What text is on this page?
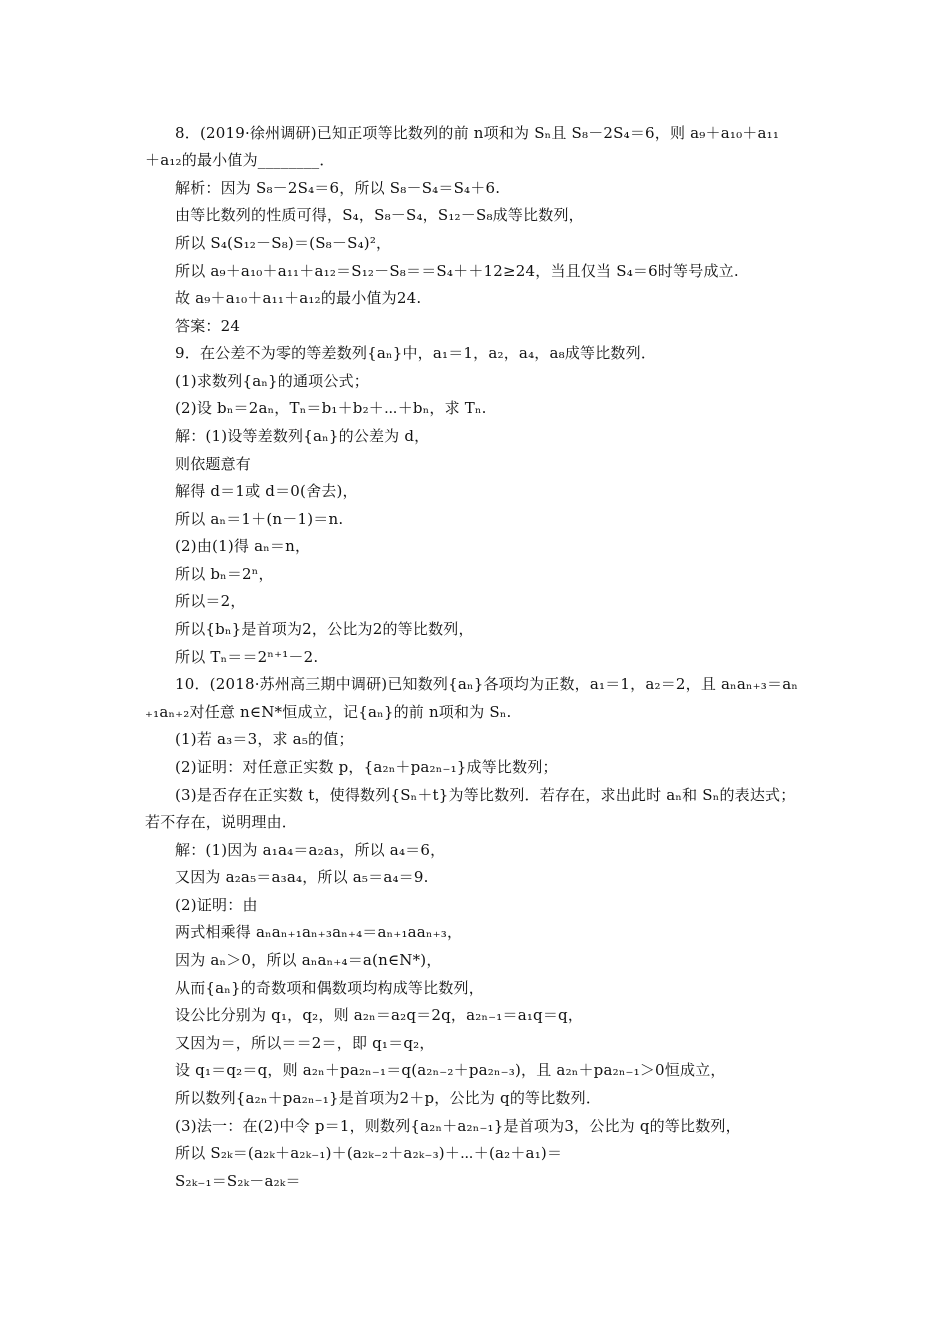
8．(2019·徐州调研)已知正项等比数列的前 n项和为 Sₙ且 S₈－2S₄＝6，则 a₉＋a₁₀＋a₁₁
＋a₁₂的最小值为________．
解析：因为 S₈－2S₄＝6，所以 S₈－S₄＝S₄＋6.
由等比数列的性质可得，S₄，S₈－S₄，S₁₂－S₈成等比数列，
所以 S₄(S₁₂－S₈)＝(S₈－S₄)²，
所以 a₉＋a₁₀＋a₁₁＋a₁₂＝S₁₂－S₈＝＝S₄＋＋12≥24，当且仅当 S₄＝6时等号成立.
故 a₉＋a₁₀＋a₁₁＋a₁₂的最小值为24.
答案：24
9．在公差不为零的等差数列{aₙ}中，a₁＝1，a₂，a₄，a₈成等比数列．
(1)求数列{aₙ}的通项公式；
(2)设 bₙ＝2aₙ，Tₙ＝b₁＋b₂＋⋯＋bₙ，求 Tₙ.
解：(1)设等差数列{aₙ}的公差为 d，
则依题意有
解得 d＝1或 d＝0(舍去)，
所以 aₙ＝1＋(n－1)＝n.
(2)由(1)得 aₙ＝n，
所以 bₙ＝2ⁿ，
所以＝2，
所以{bₙ}是首项为2，公比为2的等比数列，
所以 Tₙ＝＝2ⁿ⁺¹－2.
10．(2018·苏州高三期中调研)已知数列{aₙ}各项均为正数，a₁＝1，a₂＝2，且 aₙaₙ₊₃＝aₙ
₊₁aₙ₊₂对任意 n∈N*恒成立，记{aₙ}的前 n项和为 Sₙ.
(1)若 a₃＝3，求 a₅的值；
(2)证明：对任意正实数 p，{a₂ₙ＋pa₂ₙ₋₁}成等比数列；
(3)是否存在正实数 t，使得数列{Sₙ＋t}为等比数列．若存在，求出此时 aₙ和 Sₙ的表达式；
若不存在，说明理由．
解：(1)因为 a₁a₄＝a₂a₃，所以 a₄＝6，
又因为 a₂a₅＝a₃a₄，所以 a₅＝a₄＝9.
(2)证明：由
两式相乘得 aₙaₙ₊₁aₙ₊₃aₙ₊₄＝aₙ₊₁aaₙ₊₃，
因为 aₙ＞0，所以 aₙaₙ₊₄＝a(n∈N*)，
从而{aₙ}的奇数项和偶数项均构成等比数列，
设公比分别为 q₁，q₂，则 a₂ₙ＝a₂q＝2q，a₂ₙ₋₁＝a₁q＝q，
又因为＝，所以＝＝2＝，即 q₁＝q₂，
设 q₁＝q₂＝q，则 a₂ₙ＋pa₂ₙ₋₁＝q(a₂ₙ₋₂＋pa₂ₙ₋₃)，且 a₂ₙ＋pa₂ₙ₋₁＞0恒成立，
所以数列{a₂ₙ＋pa₂ₙ₋₁}是首项为2＋p，公比为 q的等比数列．
(3)法一：在(2)中令 p＝1，则数列{a₂ₙ＋a₂ₙ₋₁}是首项为3，公比为 q的等比数列，
所以 S₂ₖ＝(a₂ₖ＋a₂ₖ₋₁)＋(a₂ₖ₋₂＋a₂ₖ₋₃)＋⋯＋(a₂＋a₁)＝
S₂ₖ₋₁＝S₂ₖ－a₂ₖ＝
